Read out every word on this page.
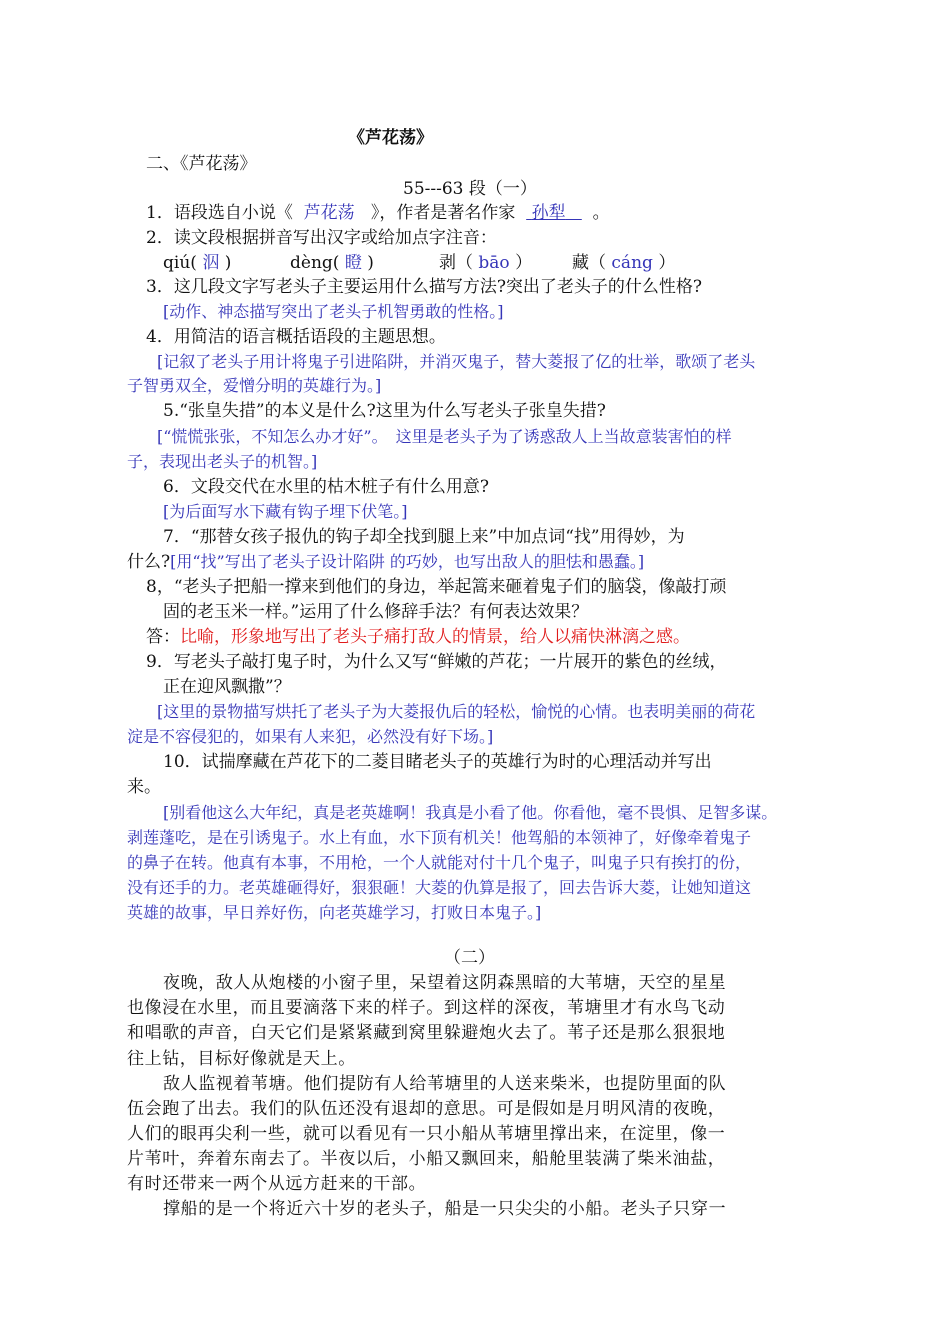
《芦花荡》
二、《芦花荡》
55---63 段（一）
1．语段选自小说《 芦花荡 》，作者是著名作家 孙犁 。
2．读文段根据拼音写出汉字或给加点字注音：
qiú( 泅 )	dèng( 瞪 )	剥（ bāo ） 藏（ cáng ）
3．这几段文字写老头子主要运用什么描写方法?突出了老头子的什么性格?
[动作、神态描写突出了老头子机智勇敢的性格。]
4．用简洁的语言概括语段的主题思想。
[记叙了老头子用计将鬼子引进陷阱，并消灭鬼子，替大菱报了亿的壮举，歌颂了老头
子智勇双全，爱憎分明的英雄行为。]
5.“张皇失措”的本义是什么?这里为什么写老头子张皇失措?
[“慌慌张张，不知怎么办才好”。　这里是老头子为了诱惑敌人上当故意装害怕的样
子，表现出老头子的机智。]
6．文段交代在水里的枯木桩子有什么用意?
[为后面写水下藏有钩子埋下伏笔。]
7．“那替女孩子报仇的钩子却全找到腿上来”中加点词“找”用得妙，为
什么?[用“找”写出了老头子设计陷阱 的巧妙，也写出敌人的胆怯和愚蠢。]
8，“老头子把船一撑来到他们的身边，举起篙来砸着鬼子们的脑袋，像敲打顽
固的老玉米一样。”运用了什么修辞手法？有何表达效果？
答：比喻，形象地写出了老头子痛打敌人的情景，给人以痛快淋漓之感。
9．写老头子敲打鬼子时，为什么又写“鲜嫩的芦花；一片展开的紫色的丝绒，
正在迎风飘撒”？
[这里的景物描写烘托了老头子为大菱报仇后的轻松，愉悦的心情。也表明美丽的荷花
淀是不容侵犯的，如果有人来犯，必然没有好下场。]
10．试揣摩藏在芦花下的二菱目睹老头子的英雄行为时的心理活动并写出
来。
[别看他这么大年纪，真是老英雄啊！我真是小看了他。你看他，毫不畏惧、足智多谋。
剥莲蓬吃，是在引诱鬼子。水上有血，水下顶有机关！他驾船的本领神了，好像牵着鬼子
的鼻子在转。他真有本事，不用枪，一个人就能对付十几个鬼子，叫鬼子只有挨打的份，
没有还手的力。老英雄砸得好，狠狠砸！大菱的仇算是报了，回去告诉大菱，让她知道这
英雄的故事，早日养好伤，向老英雄学习，打败日本鬼子。]
（二）
夜晚，敌人从炮楼的小窗子里，呆望着这阴森黑暗的大苇塘，天空的星星
也像浸在水里，而且要滴落下来的样子。到这样的深夜，苇塘里才有水鸟飞动
和唱歌的声音，白天它们是紧紧藏到窝里躲避炮火去了。苇子还是那么狠狠地
往上钻，目标好像就是天上。
敌人监视着苇塘。他们提防有人给苇塘里的人送来柴米，也提防里面的队
伍会跑了出去。我们的队伍还没有退却的意思。可是假如是月明风清的夜晚，
人们的眼再尖利一些，就可以看见有一只小船从苇塘里撑出来，在淀里，像一
片苇叶，奔着东南去了。半夜以后，小船又飘回来，船舱里装满了柴米油盐，
有时还带来一两个从远方赶来的干部。
撑船的是一个将近六十岁的老头子，船是一只尖尖的小船。老头子只穿一
